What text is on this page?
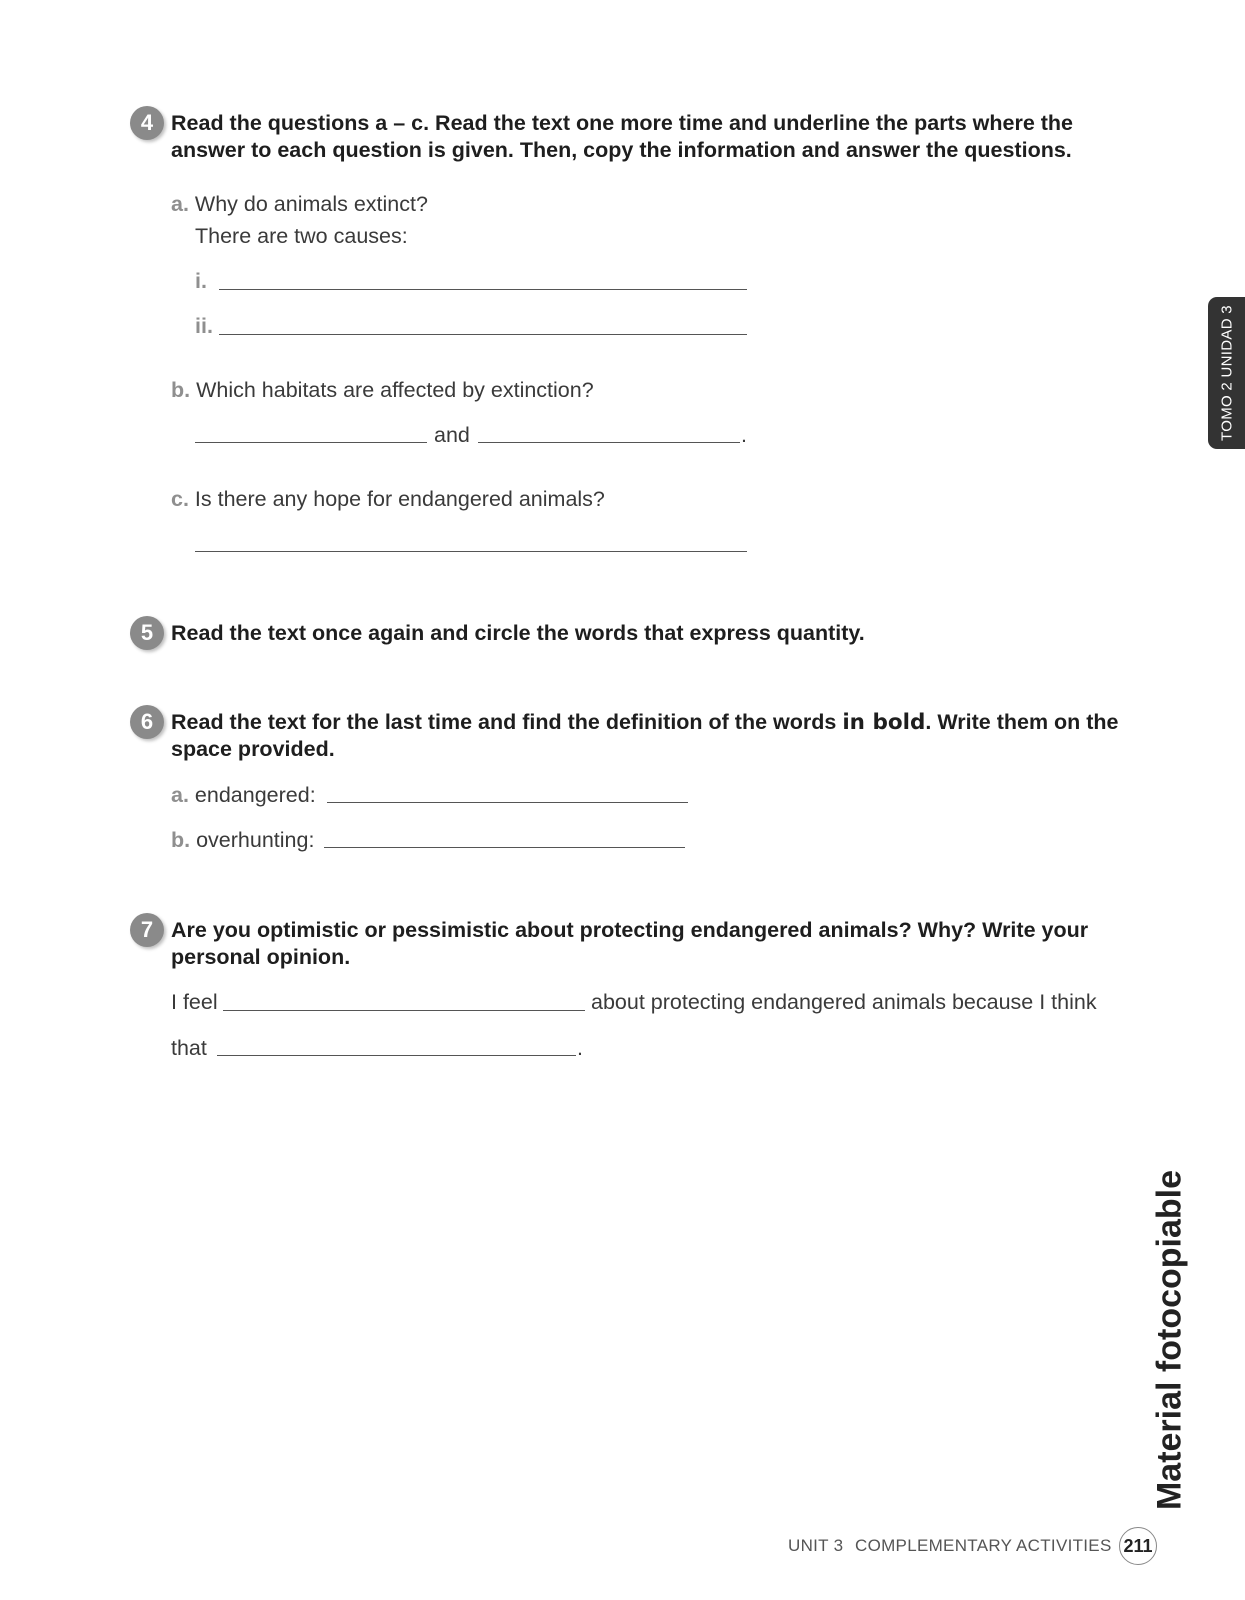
TOMO 2 UNIDAD 3
4 Read the questions a – c. Read the text one more time and underline the parts where the answer to each question is given. Then, copy the information and answer the questions.
a. Why do animals extinct?
There are two causes:
i.
ii.
b. Which habitats are affected by extinction?
and	.
c. Is there any hope for endangered animals?
5 Read the text once again and circle the words that express quantity.
6 Read the text for the last time and find the definition of the words in bold. Write them on the space provided.
a. endangered:
b. overhunting:
7 Are you optimistic or pessimistic about protecting endangered animals? Why? Write your personal opinion.
I feel	about protecting endangered animals because I think
that	.
Material fotocopiable
UNIT 3 COMPLEMENTARY ACTIVITIES 211
